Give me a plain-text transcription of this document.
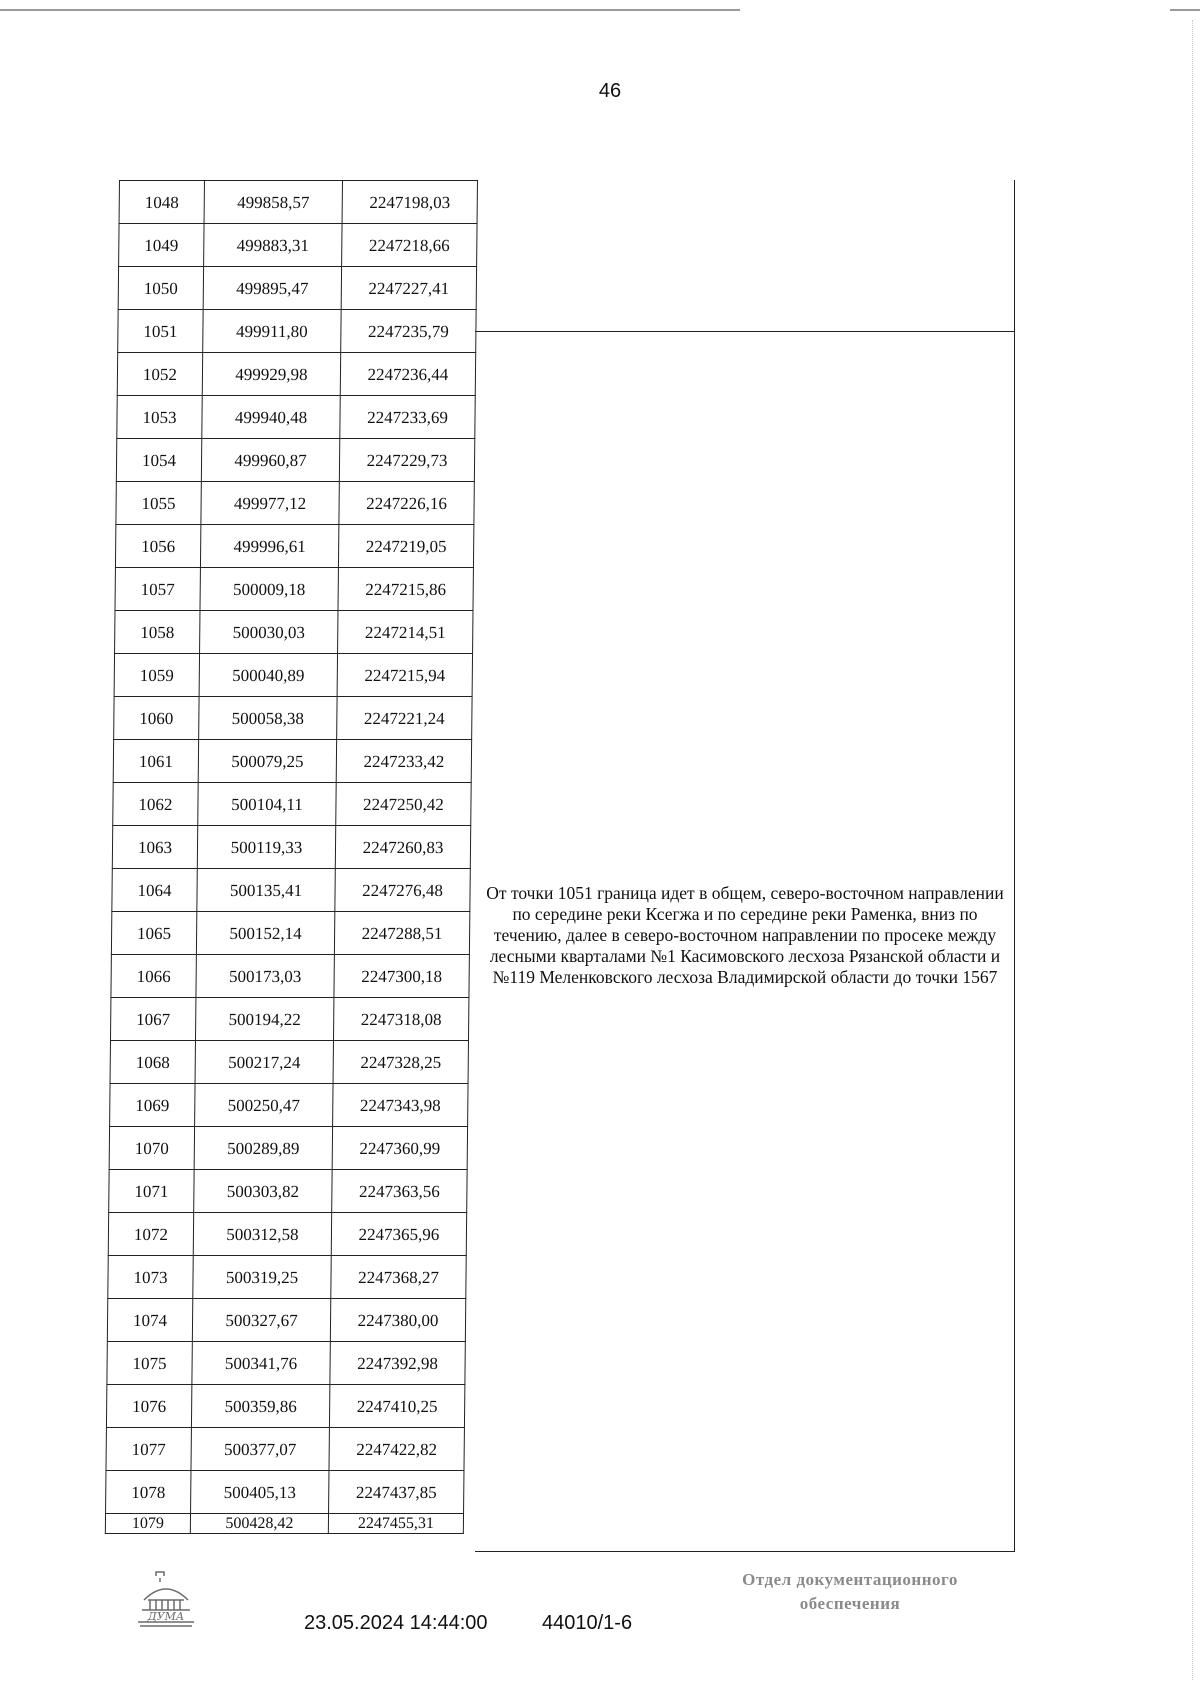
46
1048	499858,57	2247198,03
1049	499883,31	2247218,66
1050	499895,47	2247227,41
1051	499911,80	2247235,79
1052	499929,98	2247236,44
1053	499940,48	2247233,69
1054	499960,87	2247229,73
1055	499977,12	2247226,16
1056	499996,61	2247219,05
1057	500009,18	2247215,86
1058	500030,03	2247214,51
1059	500040,89	2247215,94
1060	500058,38	2247221,24
1061	500079,25	2247233,42
1062	500104,11	2247250,42
1063	500119,33	2247260,83
1064	500135,41	2247276,48
1065	500152,14	2247288,51
1066	500173,03	2247300,18
1067	500194,22	2247318,08
1068	500217,24	2247328,25
1069	500250,47	2247343,98
1070	500289,89	2247360,99
1071	500303,82	2247363,56
1072	500312,58	2247365,96
1073	500319,25	2247368,27
1074	500327,67	2247380,00
1075	500341,76	2247392,98
1076	500359,86	2247410,25
1077	500377,07	2247422,82
1078	500405,13	2247437,85
1079	500428,42	2247455,31
От точки 1051 граница идет в общем, северо-восточном направлении по середине реки Ксегжа и по середине реки Раменка, вниз по течению, далее в северо-восточном направлении по просеке между лесными кварталами №1 Касимовского лесхоза Рязанской области и №119 Меленковского лесхоза Владимирской области до точки 1567
ДУМА	23.05.2024 14:44:00	44010/1-6
Отдел документационного обеспечения
